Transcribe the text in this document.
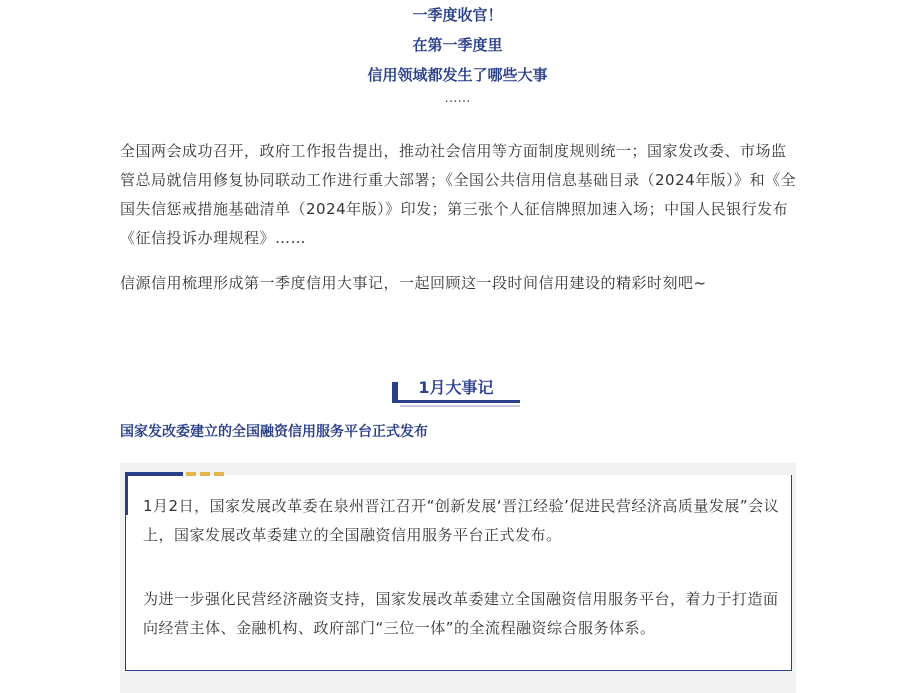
一季度收官！
在第一季度里
信用领域都发生了哪些大事
……
全国两会成功召开，政府工作报告提出，推动社会信用等方面制度规则统一；国家发改委、市场监管总局就信用修复协同联动工作进行重大部署；《全国公共信用信息基础目录（2024年版）》和《全国失信惩戒措施基础清单（2024年版）》印发；第三张个人征信牌照加速入场；中国人民银行发布《征信投诉办理规程》……
信源信用梳理形成第一季度信用大事记，一起回顾这一段时间信用建设的精彩时刻吧~
1月大事记
国家发改委建立的全国融资信用服务平台正式发布
1月2日，国家发展改革委在泉州晋江召开“创新发展‘晋江经验’促进民营经济高质量发展”会议上，国家发展改革委建立的全国融资信用服务平台正式发布。
为进一步强化民营经济融资支持，国家发展改革委建立全国融资信用服务平台，着力于打造面向经营主体、金融机构、政府部门“三位一体”的全流程融资综合服务体系。
